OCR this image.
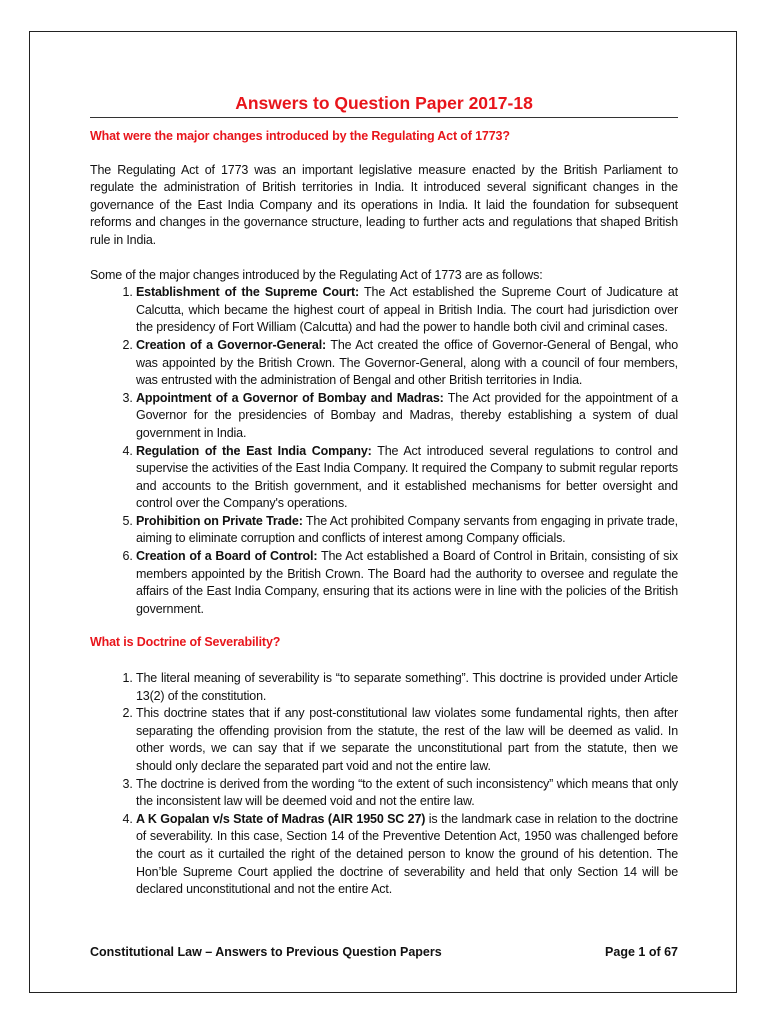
Answers to Question Paper 2017-18
What were the major changes introduced by the Regulating Act of 1773?

The Regulating Act of 1773 was an important legislative measure enacted by the British Parliament to regulate the administration of British territories in India. It introduced several significant changes in the governance of the East India Company and its operations in India. It laid the foundation for subsequent reforms and changes in the governance structure, leading to further acts and regulations that shaped British rule in India.

Some of the major changes introduced by the Regulating Act of 1773 are as follows:

1. Establishment of the Supreme Court: The Act established the Supreme Court of Judicature at Calcutta, which became the highest court of appeal in British India. The court had jurisdiction over the presidency of Fort William (Calcutta) and had the power to handle both civil and criminal cases.
2. Creation of a Governor-General: The Act created the office of Governor-General of Bengal, who was appointed by the British Crown. The Governor-General, along with a council of four members, was entrusted with the administration of Bengal and other British territories in India.
3. Appointment of a Governor of Bombay and Madras: The Act provided for the appointment of a Governor for the presidencies of Bombay and Madras, thereby establishing a system of dual government in India.
4. Regulation of the East India Company: The Act introduced several regulations to control and supervise the activities of the East India Company. It required the Company to submit regular reports and accounts to the British government, and it established mechanisms for better oversight and control over the Company's operations.
5. Prohibition on Private Trade: The Act prohibited Company servants from engaging in private trade, aiming to eliminate corruption and conflicts of interest among Company officials.
6. Creation of a Board of Control: The Act established a Board of Control in Britain, consisting of six members appointed by the British Crown. The Board had the authority to oversee and regulate the affairs of the East India Company, ensuring that its actions were in line with the policies of the British government.
What is Doctrine of Severability?
1. The literal meaning of severability is “to separate something”. This doctrine is provided under Article 13(2) of the constitution.
2. This doctrine states that if any post-constitutional law violates some fundamental rights, then after separating the offending provision from the statute, the rest of the law will be deemed as valid. In other words, we can say that if we separate the unconstitutional part from the statute, then we should only declare the separated part void and not the entire law.
3. The doctrine is derived from the wording “to the extent of such inconsistency” which means that only the inconsistent law will be deemed void and not the entire law.
4. A K Gopalan v/s State of Madras (AIR 1950 SC 27) is the landmark case in relation to the doctrine of severability. In this case, Section 14 of the Preventive Detention Act, 1950 was challenged before the court as it curtailed the right of the detained person to know the ground of his detention. The Hon’ble Supreme Court applied the doctrine of severability and held that only Section 14 will be declared unconstitutional and not the entire Act.
Constitutional Law – Answers to Previous Question Papers	Page 1 of 67
